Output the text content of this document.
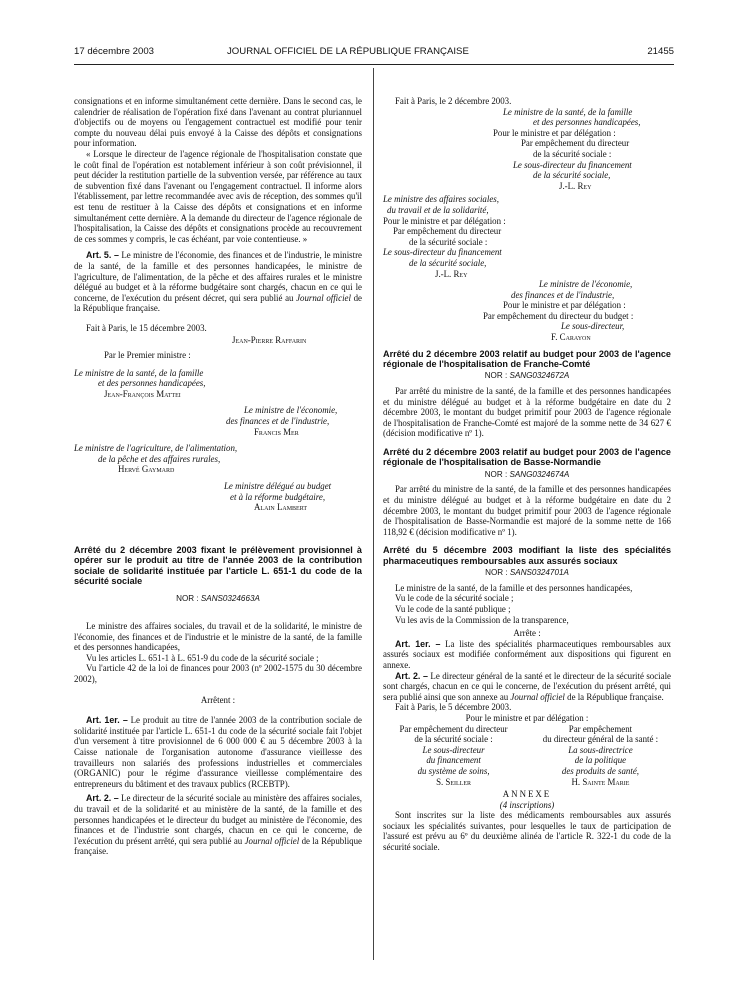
17 décembre 2003	JOURNAL OFFICIEL DE LA RÉPUBLIQUE FRANÇAISE	21455

consignations et en informe simultanément cette dernière. Dans le second cas, le calendrier de réalisation de l'opération fixé dans l'avenant au contrat pluriannuel d'objectifs ou de moyens ou l'engagement contractuel est modifié pour tenir compte du nouveau délai puis envoyé à la Caisse des dépôts et consignations pour information.

« Lorsque le directeur de l'agence régionale de l'hospitalisation constate que le coût final de l'opération est notablement inférieur à son coût prévisionnel, il peut décider la restitution partielle de la subvention versée, par référence au taux de subvention fixé dans l'avenant ou l'engagement contractuel. Il informe alors l'établissement, par lettre recommandée avec avis de réception, des sommes qu'il est tenu de restituer à la Caisse des dépôts et consignations et en informe simultanément cette dernière. A la demande du directeur de l'agence régionale de l'hospitalisation, la Caisse des dépôts et consignations procède au recouvrement de ces sommes y compris, le cas échéant, par voie contentieuse. »

Art. 5. – Le ministre de l'économie, des finances et de l'industrie, le ministre de la santé, de la famille et des personnes handicapées, le ministre de l'agriculture, de l'alimentation, de la pêche et des affaires rurales et le ministre délégué au budget et à la réforme budgétaire sont chargés, chacun en ce qui le concerne, de l'exécution du présent décret, qui sera publié au Journal officiel de la République française.

Fait à Paris, le 15 décembre 2003.

Jean-Pierre Raffarin

Par le Premier ministre :

Le ministre de la santé, de la famille

et des personnes handicapées,

Jean-François Mattei

Le ministre de l'économie,

des finances et de l'industrie,

Francis Mer

Le ministre de l'agriculture, de l'alimentation,

de la pêche et des affaires rurales,

Hervé Gaymard

Le ministre délégué au budget

et à la réforme budgétaire,

Alain Lambert

Arrêté du 2 décembre 2003 fixant le prélèvement provisionnel à opérer sur le produit au titre de l'année 2003 de la contribution sociale de solidarité instituée par l'article L. 651-1 du code de la sécurité sociale

NOR : SANS0324663A

Le ministre des affaires sociales, du travail et de la solidarité, le ministre de l'économie, des finances et de l'industrie et le ministre de la santé, de la famille et des personnes handicapées,

Vu les articles L. 651-1 à L. 651-9 du code de la sécurité sociale ;

Vu l'article 42 de la loi de finances pour 2003 (nº 2002-1575 du 30 décembre 2002),

Arrêtent :

Art. 1er. – Le produit au titre de l'année 2003 de la contribution sociale de solidarité instituée par l'article L. 651-1 du code de la sécurité sociale fait l'objet d'un versement à titre provisionnel de 6 000 000 € au 5 décembre 2003 à la Caisse nationale de l'organisation autonome d'assurance vieillesse des travailleurs non salariés des professions industrielles et commerciales (ORGANIC) pour le régime d'assurance vieillesse complémentaire des entrepreneurs du bâtiment et des travaux publics (RCEBTP).

Art. 2. – Le directeur de la sécurité sociale au ministère des affaires sociales, du travail et de la solidarité et au ministère de la santé, de la famille et des personnes handicapées et le directeur du budget au ministère de l'économie, des finances et de l'industrie sont chargés, chacun en ce qui le concerne, de l'exécution du présent arrêté, qui sera publié au Journal officiel de la République française.

Fait à Paris, le 2 décembre 2003.

Le ministre de la santé, de la famille

et des personnes handicapées,

Pour le ministre et par délégation :

Par empêchement du directeur

de la sécurité sociale :

Le sous-directeur du financement

de la sécurité sociale,

J.-L. Rey

Le ministre des affaires sociales,

du travail et de la solidarité,

Pour le ministre et par délégation :

Par empêchement du directeur

de la sécurité sociale :

Le sous-directeur du financement

de la sécurité sociale,

J.-L. Rey

Le ministre de l'économie,

des finances et de l'industrie,

Pour le ministre et par délégation :

Par empêchement du directeur du budget :

Le sous-directeur,

F. Carayon

Arrêté du 2 décembre 2003 relatif au budget pour 2003 de l'agence régionale de l'hospitalisation de Franche-Comté

NOR : SANG0324672A

Par arrêté du ministre de la santé, de la famille et des personnes handicapées et du ministre délégué au budget et à la réforme budgétaire en date du 2 décembre 2003, le montant du budget primitif pour 2003 de l'agence régionale de l'hospitalisation de Franche-Comté est majoré de la somme nette de 34 627 € (décision modificative nº 1).

Arrêté du 2 décembre 2003 relatif au budget pour 2003 de l'agence régionale de l'hospitalisation de Basse-Normandie

NOR : SANG0324674A

Par arrêté du ministre de la santé, de la famille et des personnes handicapées et du ministre délégué au budget et à la réforme budgétaire en date du 2 décembre 2003, le montant du budget primitif pour 2003 de l'agence régionale de l'hospitalisation de Basse-Normandie est majoré de la somme nette de 166 118,92 € (décision modificative nº 1).

Arrêté du 5 décembre 2003 modifiant la liste des spécialités pharmaceutiques remboursables aux assurés sociaux

NOR : SANS0324701A

Le ministre de la santé, de la famille et des personnes handicapées,

Vu le code de la sécurité sociale ;

Vu le code de la santé publique ;

Vu les avis de la Commission de la transparence,

Arrête :

Art. 1er. – La liste des spécialités pharmaceutiques remboursables aux assurés sociaux est modifiée conformément aux dispositions qui figurent en annexe.

Art. 2. – Le directeur général de la santé et le directeur de la sécurité sociale sont chargés, chacun en ce qui le concerne, de l'exécution du présent arrêté, qui sera publié ainsi que son annexe au Journal officiel de la République française.

Fait à Paris, le 5 décembre 2003.

Pour le ministre et par délégation :

Par empêchement du directeur
de la sécurité sociale :
Le sous-directeur
du financement
du système de soins,
S. Seiller
Par empêchement
du directeur général de la santé :
La sous-directrice
de la politique
des produits de santé,
H. Sainte Marie

ANNEXE

(4 inscriptions)

Sont inscrites sur la liste des médicaments remboursables aux assurés sociaux les spécialités suivantes, pour lesquelles le taux de participation de l'assuré est prévu au 6º du deuxième alinéa de l'article R. 322-1 du code de la sécurité sociale.
